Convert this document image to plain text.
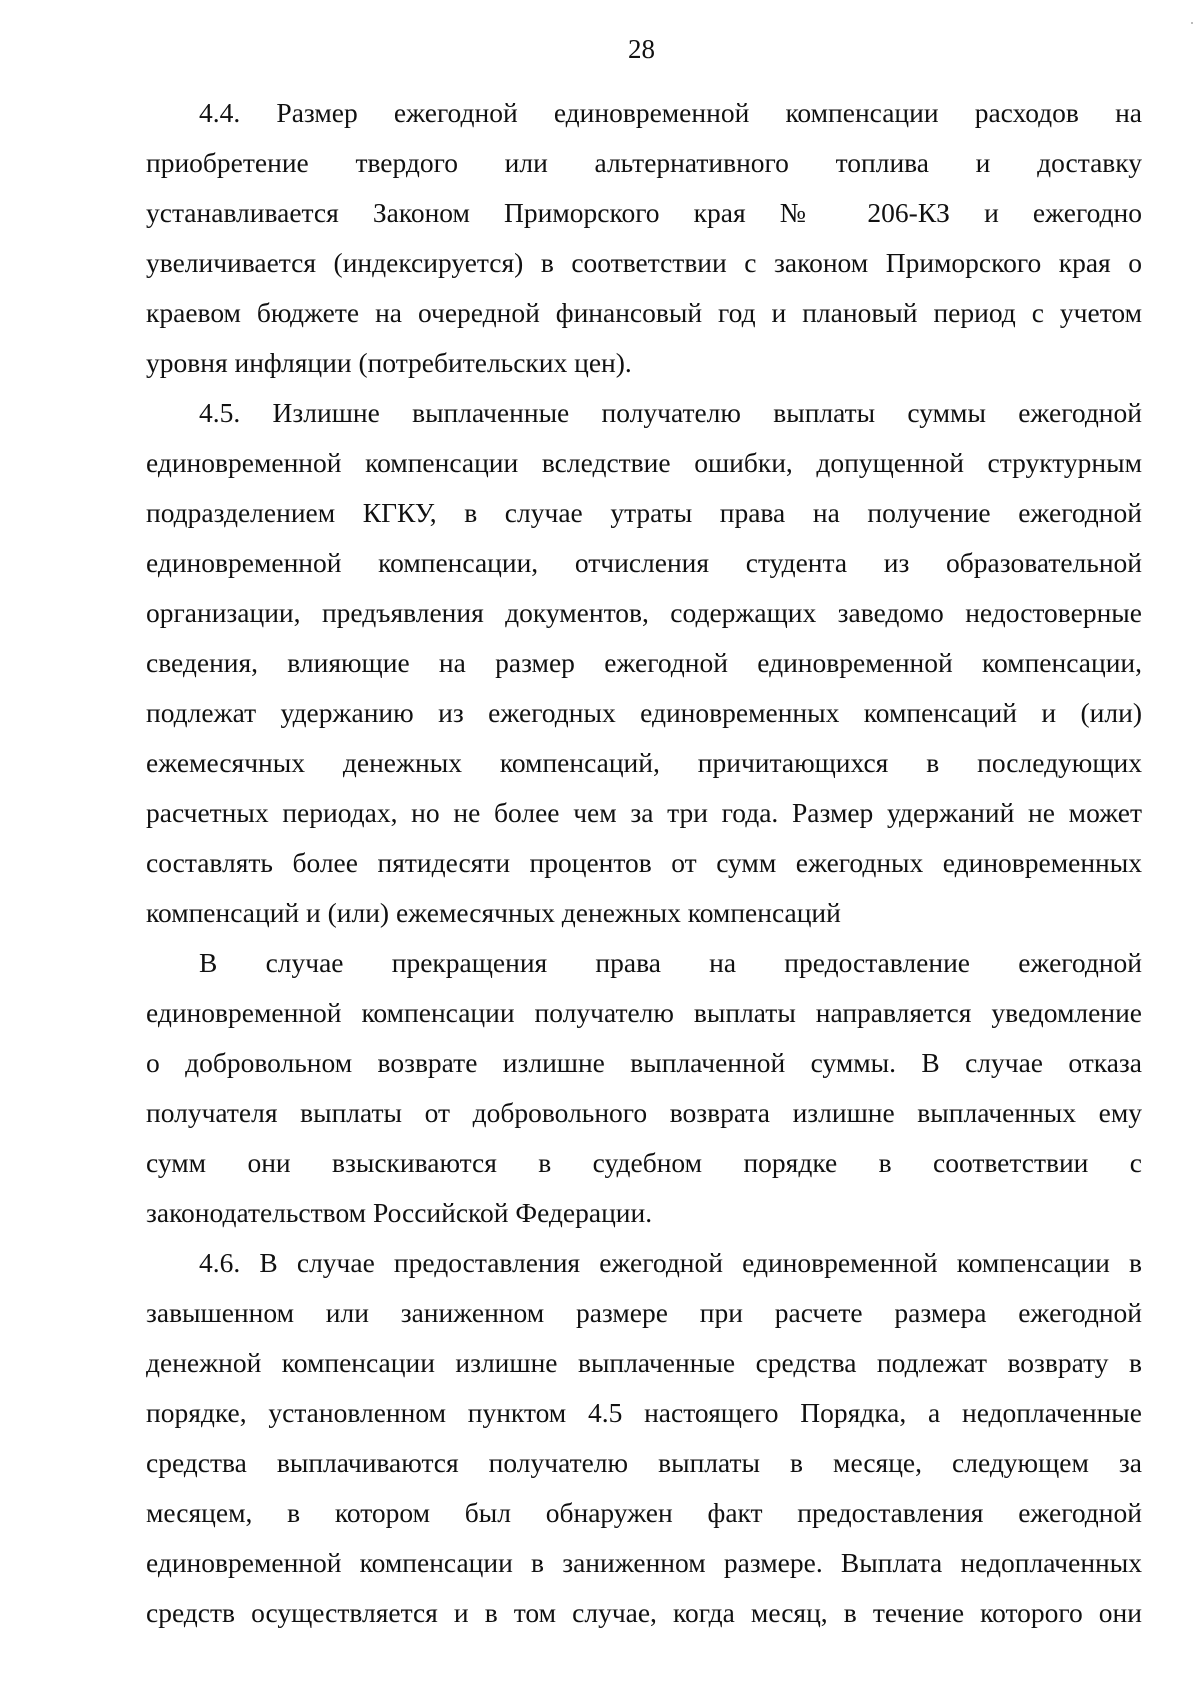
28
4.4. Размер ежегодной единовременной компенсации расходов на
приобретение твердого или альтернативного топлива и доставку
устанавливается Законом Приморского края № 206-КЗ и ежегодно
увеличивается (индексируется) в соответствии с законом Приморского края о
краевом бюджете на очередной финансовый год и плановый период с учетом
уровня инфляции (потребительских цен).
4.5. Излишне выплаченные получателю выплаты суммы ежегодной
единовременной компенсации вследствие ошибки, допущенной структурным
подразделением КГКУ, в случае утраты права на получение ежегодной
единовременной компенсации, отчисления студента из образовательной
организации, предъявления документов, содержащих заведомо недостоверные
сведения, влияющие на размер ежегодной единовременной компенсации,
подлежат удержанию из ежегодных единовременных компенсаций и (или)
ежемесячных денежных компенсаций, причитающихся в последующих
расчетных периодах, но не более чем за три года. Размер удержаний не может
составлять более пятидесяти процентов от сумм ежегодных единовременных
компенсаций и (или) ежемесячных денежных компенсаций
В случае прекращения права на предоставление ежегодной
единовременной компенсации получателю выплаты направляется уведомление
о добровольном возврате излишне выплаченной суммы. В случае отказа
получателя выплаты от добровольного возврата излишне выплаченных ему
сумм они взыскиваются в судебном порядке в соответствии с
законодательством Российской Федерации.
4.6. В случае предоставления ежегодной единовременной компенсации в
завышенном или заниженном размере при расчете размера ежегодной
денежной компенсации излишне выплаченные средства подлежат возврату в
порядке, установленном пунктом 4.5 настоящего Порядка, а недоплаченные
средства выплачиваются получателю выплаты в месяце, следующем за
месяцем, в котором был обнаружен факт предоставления ежегодной
единовременной компенсации в заниженном размере. Выплата недоплаченных
средств осуществляется и в том случае, когда месяц, в течение которого они
